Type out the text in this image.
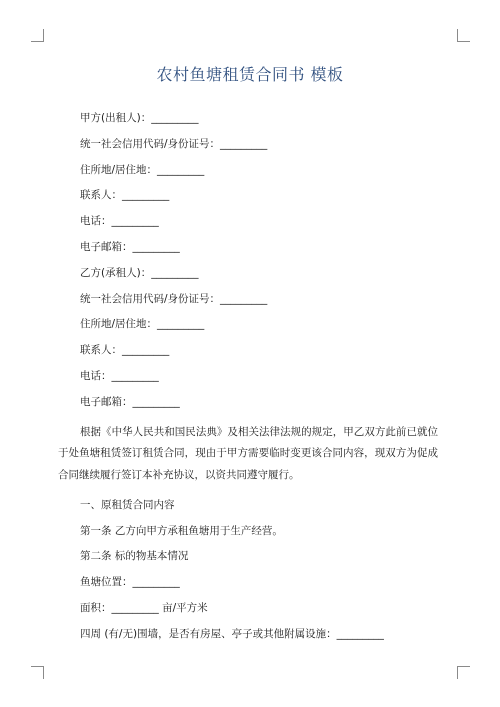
农村鱼塘租赁合同书 模板
甲方(出租人)：_________
统一社会信用代码/身份证号：_________
住所地/居住地：_________
联系人：_________
电话：_________
电子邮箱：_________
乙方(承租人)：_________
统一社会信用代码/身份证号：_________
住所地/居住地：_________
联系人：_________
电话：_________
电子邮箱：_________
根据《中华人民共和国民法典》及相关法律法规的规定，甲乙双方此前已就位于处鱼塘租赁签订租赁合同，现由于甲方需要临时变更该合同内容，现双方为促成合同继续履行签订本补充协议，以资共同遵守履行。
一、原租赁合同内容
第一条 乙方向甲方承租鱼塘用于生产经营。
第二条 标的物基本情况
鱼塘位置：_________
面积：_________ 亩/平方米
四周 (有/无)围墙，是否有房屋、亭子或其他附属设施：_________
